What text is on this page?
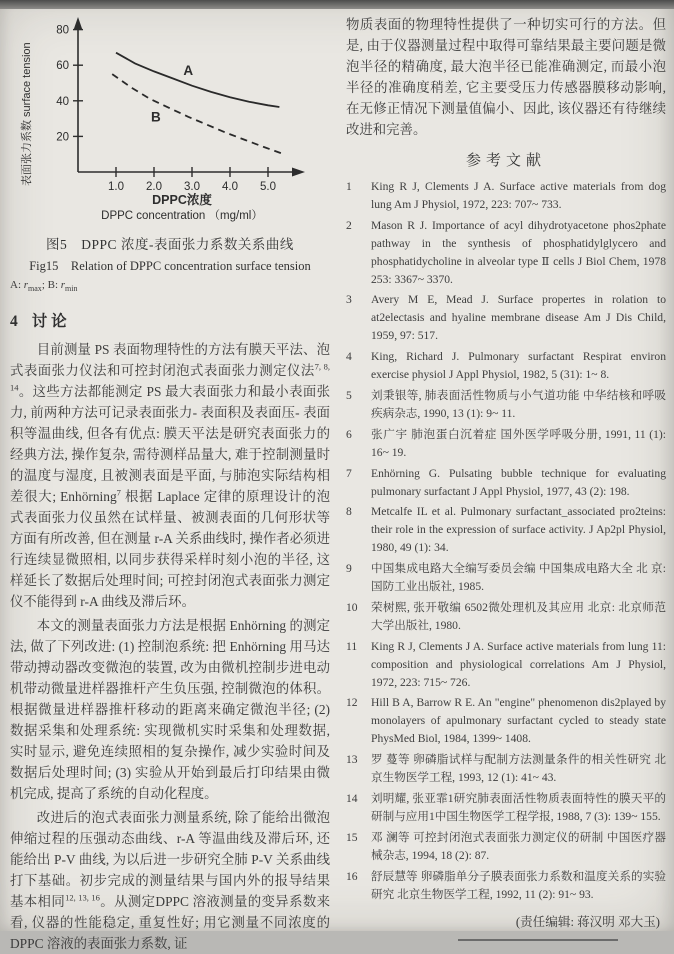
20
40
60
80
1.0 2.0 3.0 4.0 5.0
A
B
表面张力系数 surface tension
DPPC浓度
DPPC concentration （mg/ml）
图5　DPPC 浓度-表面张力系数关系曲线
Fig15　Relation of DPPC concentration surface tension
A: $r_{max}$; B: $r_{min}$
4 讨 论

目前测量 PS 表面物理特性的方法有膜天平法、泡式表面张力仪法和可控封闭泡式表面张力测定仪法$^{7, 8, 14}$。这些方法都能测定 PS 最大表面张力和最小表面张力, 前两种方法可记录表面张力- 表面积及表面压- 表面积等温曲线, 但各有优点: 膜天平法是研究表面张力的经典方法, 操作复杂, 需待测样品量大, 难于控制测量时的温度与湿度, 且被测表面是平面, 与肺泡实际结构相差很大; Enhörning$^7$ 根据 Laplace 定律的原理设计的泡式表面张力仪虽然在试样量、被测表面的几何形状等方面有所改善, 但在测量 r-A 关系曲线时, 操作者必须进行连续显微照相, 以同步获得采样时刻小泡的半径, 这样延长了数据后处理时间; 可控封闭泡式表面张力测定仪不能得到 r-A 曲线及滞后环。

本文的测量表面张力方法是根据 Enhörning 的测定法, 做了下列改进: (1) 控制泡系统: 把 Enhörning 用马达带动搏动器改变微泡的装置, 改为由微机控制步进电动机带动微量进样器推杆产生负压强, 控制微泡的体积。根据微量进样器推杆移动的距离来确定微泡半径; (2) 数据采集和处理系统: 实现微机实时采集和处理数据, 实时显示, 避免连续照相的复杂操作, 减少实验时间及数据后处理时间; (3) 实验从开始到最后打印结果由微机完成, 提高了系统的自动化程度。

改进后的泡式表面张力测量系统, 除了能给出微泡伸缩过程的压强动态曲线、r-A 等温曲线及滞后环, 还能给出 P-V 曲线, 为以后进一步研究全肺 P-V 关系曲线打下基础。初步完成的测量结果与国内外的报导结果基本相同$^{12, 13, 16}$。从测定DPPC 溶液测量的变异系数来看, 仪器的性能稳定, 重复性好; 用它测量不同浓度的DPPC 溶液的表面张力系数, 证

物质表面的物理特性提供了一种切实可行的方法。但是, 由于仪器测量过程中取得可靠结果最主要问题是微泡半径的精确度, 最大泡半径已能准确测定, 而最小泡半径的准确度稍差, 它主要受压力传感器膜移动影响, 在无修正情况下测量值偏小、因此, 该仪器还有待继续改进和完善。

参考文献
1	King R J, Clements J A. Surface active materials from dog lung Am J Physiol, 1972, 223: 707~ 733.
2	Mason R J. Importance of acyl dihydrotyacetone phos2phate pathway in the synthesis of phosphatidylglycero and phosphatidycholine in alveolar type Ⅱ cells J Biol Chem, 1978 253: 3367~ 3370.
3	Avery M E, Mead J. Surface propertes in rolation to at2electasis and hyaline membrane disease Am J Dis Child, 1959, 97: 517.
4	King, Richard J. Pulmonary surfactant Respirat environ exercise physiol J Appl Physiol, 1982, 5 (31): 1~ 8.
5	刘秉银等, 肺表面活性物质与小气道功能 中华结核和呼吸疾病杂志, 1990, 13 (1): 9~ 11.
6	张广宇 肺泡蛋白沉着症 国外医学呼吸分册, 1991, 11 (1): 16~ 19.
7	Enhörning G. Pulsating bubble technique for evaluating pulmonary surfactant J Appl Physiol, 1977, 43 (2): 198.
8	Metcalfe IL et al. Pulmonary surfactant_associated pro2teins: their role in the expression of surface activity. J Ap2pl Physiol, 1980, 49 (1): 34.
9	中国集成电路大全编写委员会编 中国集成电路大全 北 京: 国防工业出版社, 1985.
10	荣树熙, 张开敬编 6502微处理机及其应用 北京: 北京师范大学出版社, 1980.
11	King R J, Clements J A. Surface active materials from lung 11: composition and physiological correlations Am J Physiol, 1972, 223: 715~ 726.
12	Hill B A, Barrow R E. An "engine" phenomenon dis2played by monolayers of apulmonary surfactant cycled to steady state PhysMed Biol, 1984, 1399~ 1408.
13	罗 蔓等 卵磷脂试样与配制方法测量条件的相关性研究 北京生物医学工程, 1993, 12 (1): 41~ 43.
14	刘明耀, 张亚霏1研究肺表面活性物质表面特性的膜天平的研制与应用1中国生物医学工程学报, 1988, 7 (3): 139~ 155.
15	邓 澜等 可控封闭泡式表面张力测定仪的研制 中国医疗器械杂志, 1994, 18 (2): 87.
16	舒辰慧等 卵磷脂单分子膜表面张力系数和温度关系的实验研究 北京生物医学工程, 1992, 11 (2): 91~ 93.
(责任编辑: 蒋汉明 邓大玉)
